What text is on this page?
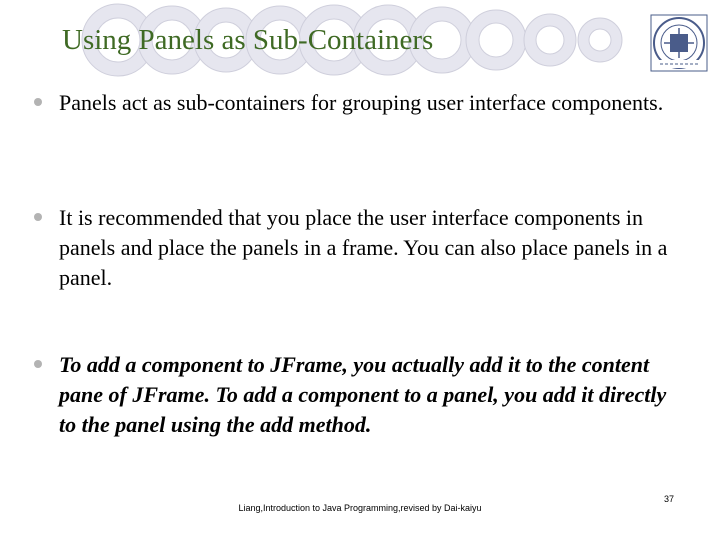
Using Panels as Sub-Containers
Panels act as sub-containers for grouping user interface components.
It is recommended that you place the user interface components in panels and place the panels in a frame. You can also place panels in a panel.
To add a component to JFrame, you actually add it to the content pane of JFrame. To add a component to a panel, you add it directly to the panel using the add method.
Liang,Introduction to Java Programming,revised by Dai-kaiyu
37
